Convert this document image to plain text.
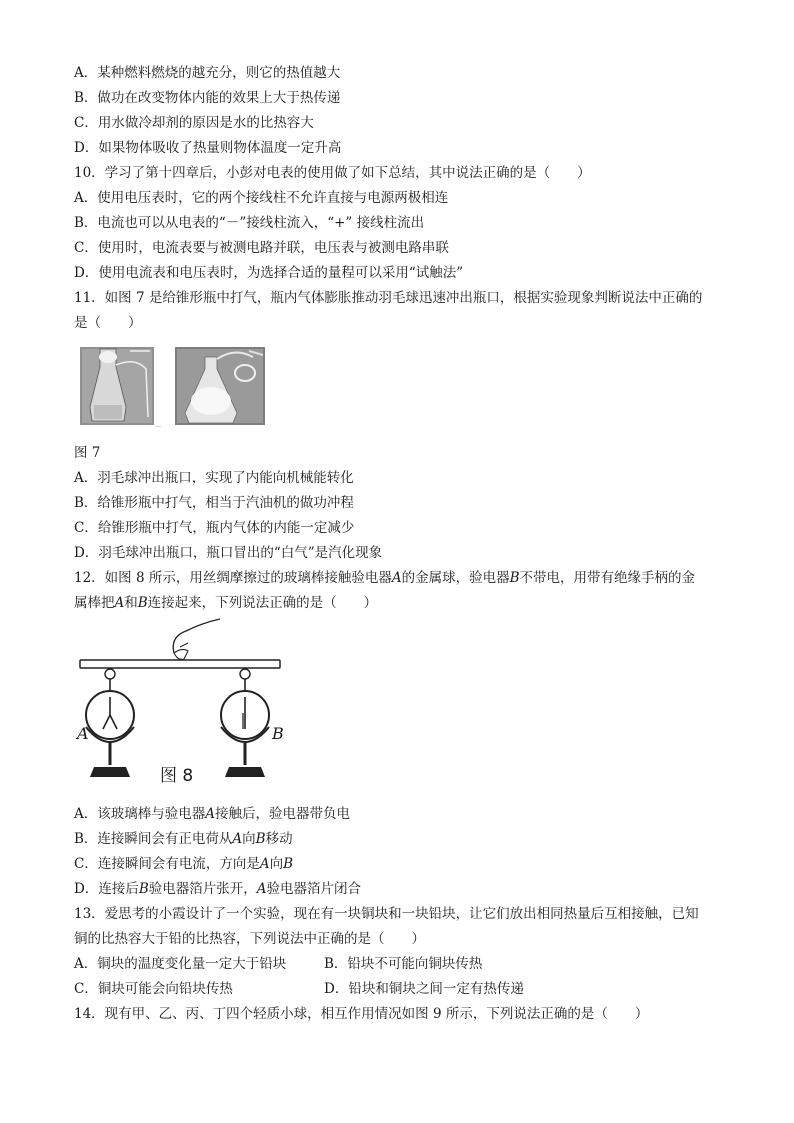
A．某种燃料燃烧的越充分，则它的热值越大
B．做功在改变物体内能的效果上大于热传递
C．用水做冷却剂的原因是水的比热容大
D．如果物体吸收了热量则物体温度一定升高
10．学习了第十四章后，小彭对电表的使用做了如下总结，其中说法正确的是（　　）
A．使用电压表时，它的两个接线柱不允许直接与电源两极相连
B．电流也可以从电表的“－”接线柱流入，“+” 接线柱流出
C．使用时，电流表要与被测电路并联，电压表与被测电路串联
D．使用电流表和电压表时，为选择合适的量程可以采用“试触法”
11．如图 7 是给锥形瓶中打气，瓶内气体膨胀推动羽毛球迅速冲出瓶口，根据实验现象判断说法中正确的
是（　　）
—
图 7
A．羽毛球冲出瓶口，实现了内能向机械能转化
B．给锥形瓶中打气，相当于汽油机的做功冲程
C．给锥形瓶中打气，瓶内气体的内能一定减少
D．羽毛球冲出瓶口，瓶口冒出的“白气”是汽化现象
12．如图 8 所示，用丝绸摩擦过的玻璃棒接触验电器A的金属球，验电器B不带电，用带有绝缘手柄的金
属棒把A和B连接起来，下列说法正确的是（　　）
A	B
图 8
A．该玻璃棒与验电器A接触后，验电器带负电
B．连接瞬间会有正电荷从A向B移动
C．连接瞬间会有电流，方向是A向B
D．连接后B验电器箔片张开，A验电器箔片闭合
13．爱思考的小霞设计了一个实验，现在有一块铜块和一块铅块，让它们放出相同热量后互相接触，已知
铜的比热容大于铅的比热容，下列说法中正确的是（　　）
A．铜块的温度变化量一定大于铅块	B．铅块不可能向铜块传热
C．铜块可能会向铅块传热	D．铅块和铜块之间一定有热传递
14．现有甲、乙、丙、丁四个轻质小球，相互作用情况如图 9 所示，下列说法正确的是（　　）
